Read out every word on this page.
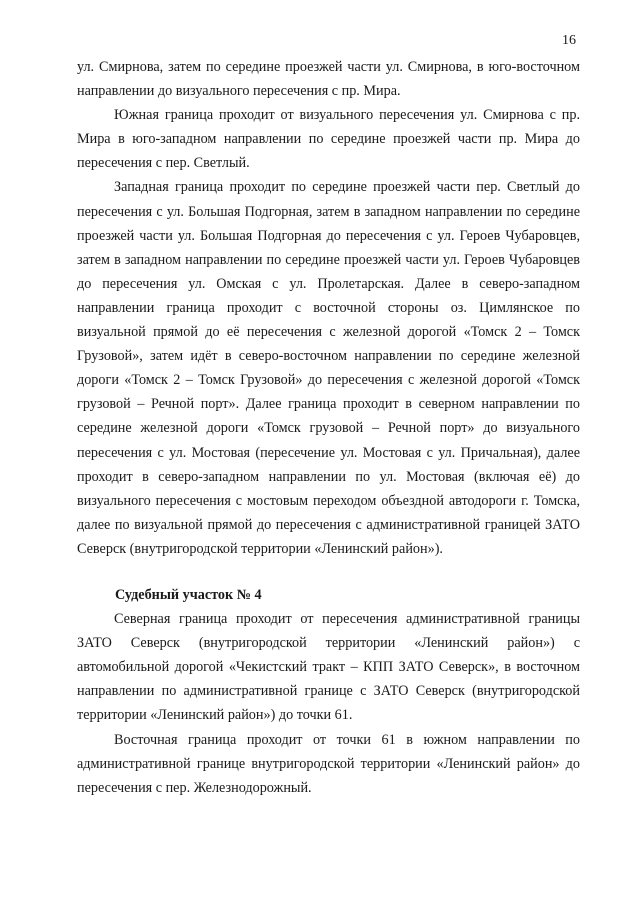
16

ул. Смирнова, затем по середине проезжей части ул. Смирнова, в юго-восточном направлении до визуального пересечения с пр. Мира.

Южная граница проходит от визуального пересечения ул. Смирнова с пр. Мира в юго-западном направлении по середине проезжей части пр. Мира до пересечения с пер. Светлый.

Западная граница проходит по середине проезжей части пер. Светлый до пересечения с ул. Большая Подгорная, затем в западном направлении по середине проезжей части ул. Большая Подгорная до пересечения с ул. Героев Чубаровцев, затем в западном направлении по середине проезжей части ул. Героев Чубаровцев до пересечения ул. Омская с ул. Пролетарская. Далее в северо-западном направлении граница проходит с восточной стороны оз. Цимлянское по визуальной прямой до её пересечения с железной дорогой «Томск 2 – Томск Грузовой», затем идёт в северо-восточном направлении по середине железной дороги «Томск 2 – Томск Грузовой» до пересечения с железной дорогой «Томск грузовой – Речной порт». Далее граница проходит в северном направлении по середине железной дороги «Томск грузовой – Речной порт» до визуального пересечения с ул. Мостовая (пересечение ул. Мостовая с ул. Причальная), далее проходит в северо-западном направлении по ул. Мостовая (включая её) до визуального пересечения с мостовым переходом объездной автодороги г. Томска, далее по визуальной прямой до пересечения с административной границей ЗАТО Северск (внутригородской территории «Ленинский район»).

Судебный участок № 4

Северная граница проходит от пересечения административной границы ЗАТО Северск (внутригородской территории «Ленинский район») с автомобильной дорогой «Чекистский тракт – КПП ЗАТО Северск», в восточном направлении по административной границе с ЗАТО Северск (внутригородской территории «Ленинский район») до точки 61.

Восточная граница проходит от точки 61 в южном направлении по административной границе внутригородской территории «Ленинский район» до пересечения с пер. Железнодорожный.
